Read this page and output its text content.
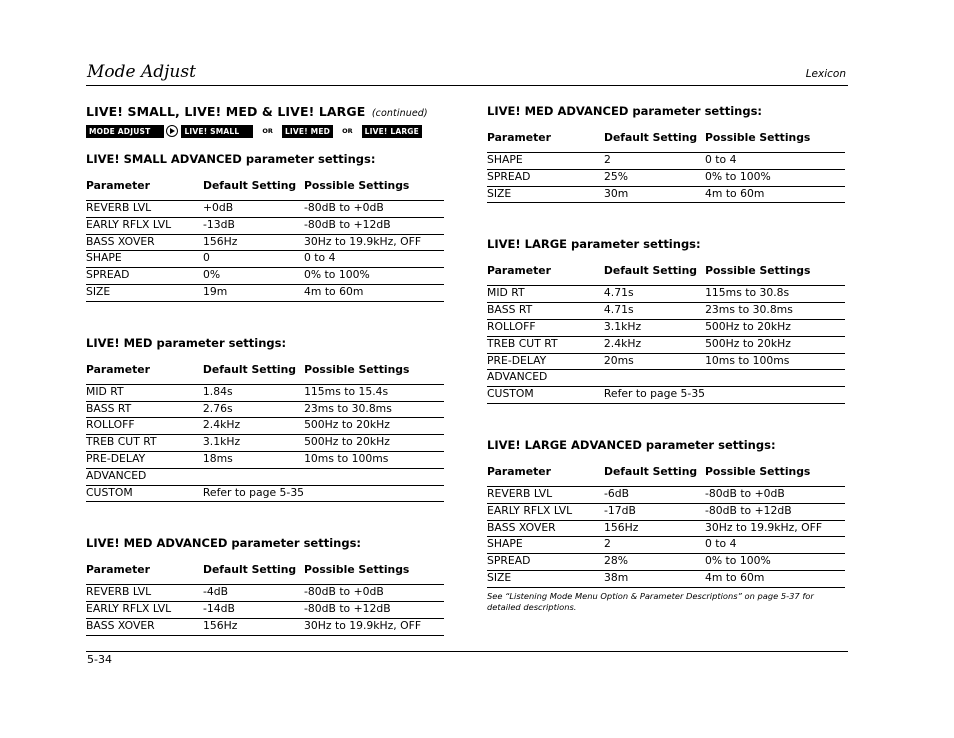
Mode Adjust	Lexicon
LIVE! SMALL, LIVE! MED & LIVE! LARGE (continued)
MODE ADJUST	LIVE! SMALL	OR	LIVE! MED	OR	LIVE! LARGE
LIVE! SMALL ADVANCED parameter settings:
Parameter	Default Setting	Possible Settings
REVERB LVL	+0dB	-80dB to +0dB
EARLY RFLX LVL	-13dB	-80dB to +12dB
BASS XOVER	156Hz	30Hz to 19.9kHz, OFF
SHAPE	0	0 to 4
SPREAD	0%	0% to 100%
SIZE	19m	4m to 60m
LIVE! MED parameter settings:
Parameter	Default Setting	Possible Settings
MID RT	1.84s	115ms to 15.4s
BASS RT	2.76s	23ms to 30.8ms
ROLLOFF	2.4kHz	500Hz to 20kHz
TREB CUT RT	3.1kHz	500Hz to 20kHz
PRE-DELAY	18ms	10ms to 100ms
ADVANCED		
CUSTOM	Refer to page 5-35	
LIVE! MED ADVANCED parameter settings:
Parameter	Default Setting	Possible Settings
REVERB LVL	-4dB	-80dB to +0dB
EARLY RFLX LVL	-14dB	-80dB to +12dB
BASS XOVER	156Hz	30Hz to 19.9kHz, OFF
LIVE! MED ADVANCED parameter settings:
Parameter	Default Setting	Possible Settings
SHAPE	2	0 to 4
SPREAD	25%	0% to 100%
SIZE	30m	4m to 60m
LIVE! LARGE parameter settings:
Parameter	Default Setting	Possible Settings
MID RT	4.71s	115ms to 30.8s
BASS RT	4.71s	23ms to 30.8ms
ROLLOFF	3.1kHz	500Hz to 20kHz
TREB CUT RT	2.4kHz	500Hz to 20kHz
PRE-DELAY	20ms	10ms to 100ms
ADVANCED		
CUSTOM	Refer to page 5-35	
LIVE! LARGE ADVANCED parameter settings:
Parameter	Default Setting	Possible Settings
REVERB LVL	-6dB	-80dB to +0dB
EARLY RFLX LVL	-17dB	-80dB to +12dB
BASS XOVER	156Hz	30Hz to 19.9kHz, OFF
SHAPE	2	0 to 4
SPREAD	28%	0% to 100%
SIZE	38m	4m to 60m
See “Listening Mode Menu Option & Parameter Descriptions” on page 5-37 for detailed descriptions.
5-34
